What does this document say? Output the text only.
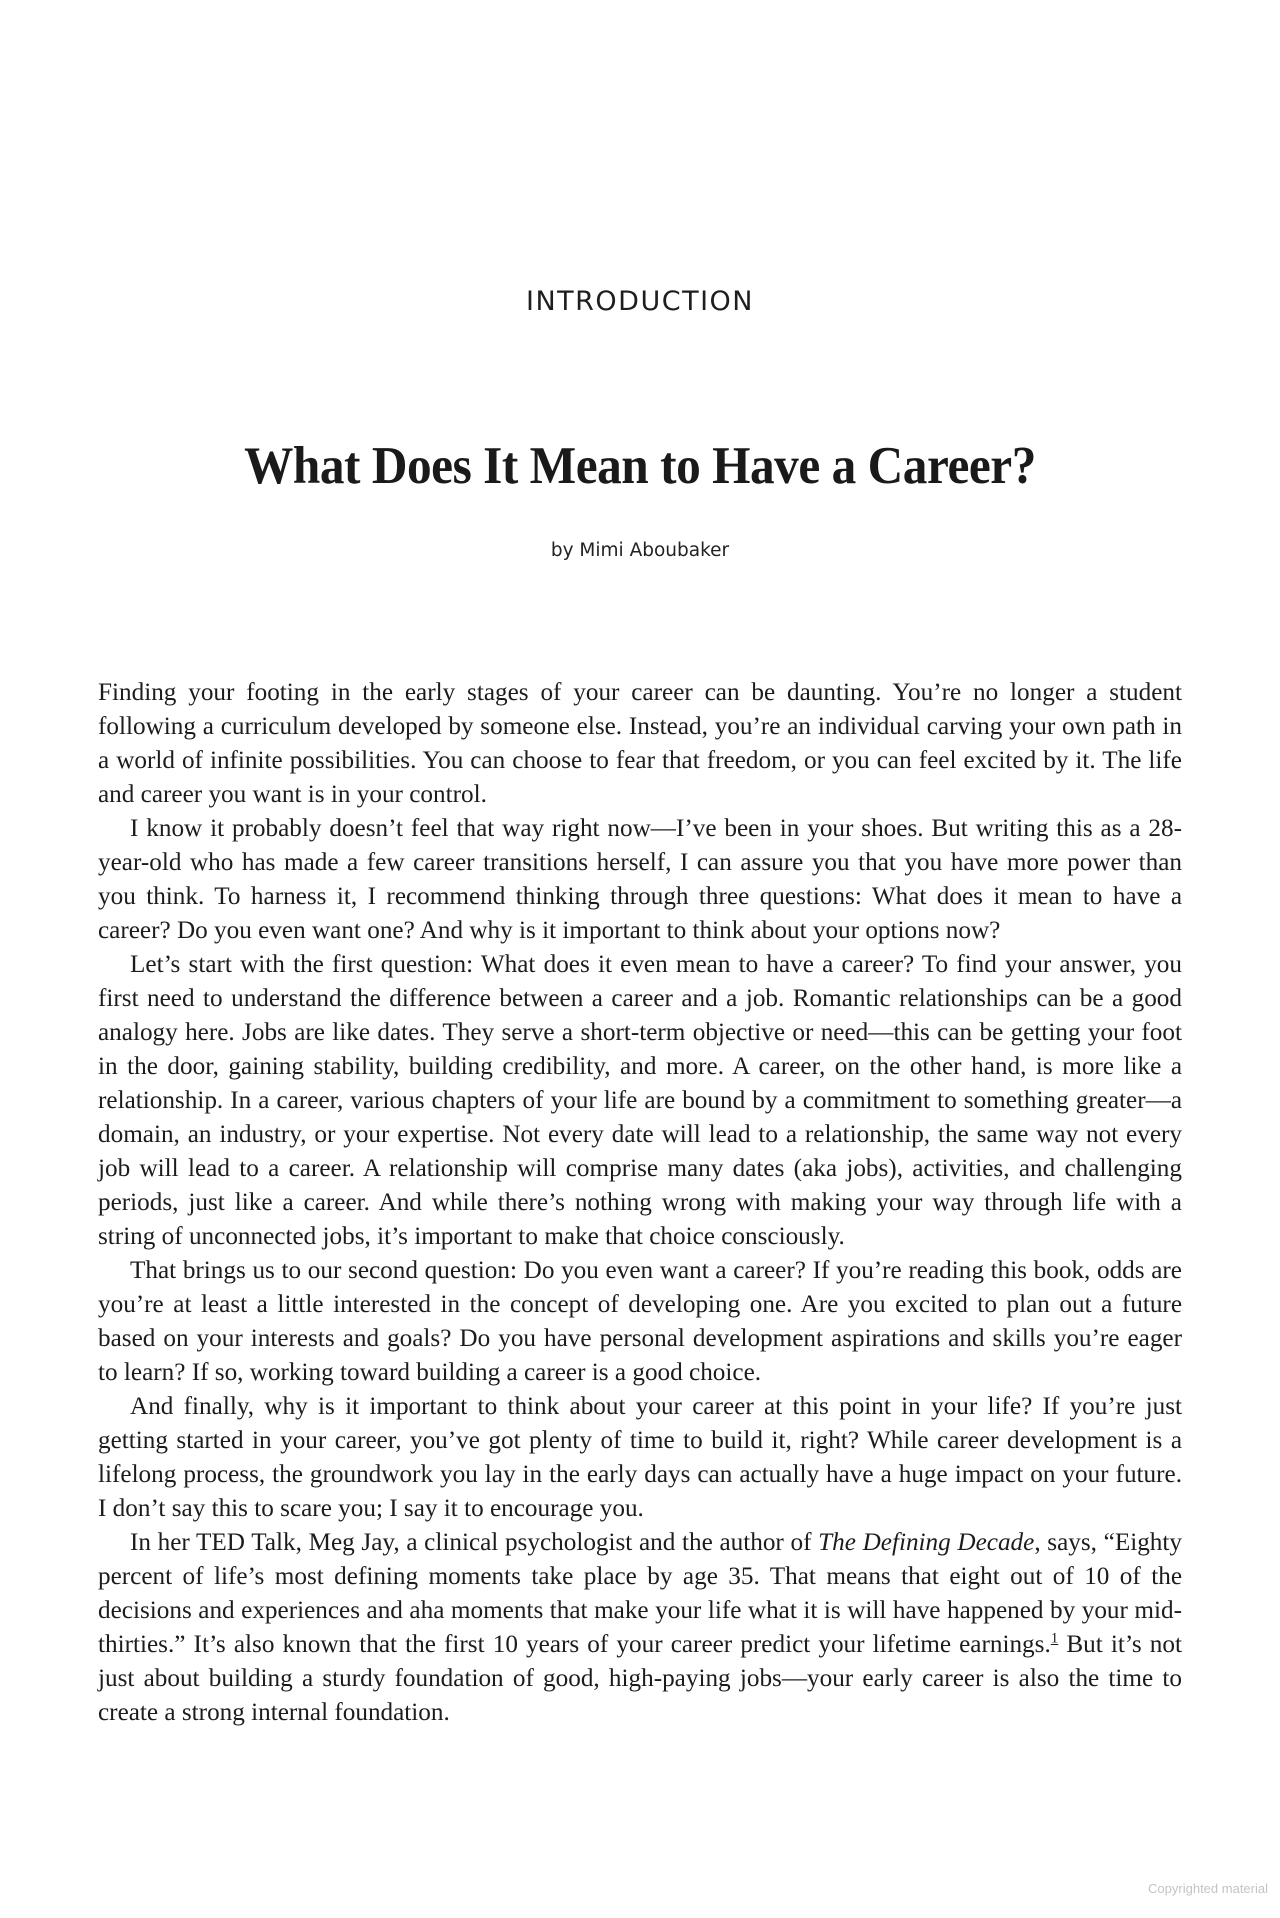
INTRODUCTION
What Does It Mean to Have a Career?
by Mimi Aboubaker

Finding your footing in the early stages of your career can be daunting. You’re no longer a student following a curriculum developed by someone else. Instead, you’re an individual carving your own path in a world of infinite possibilities. You can choose to fear that freedom, or you can feel excited by it. The life and career you want is in your control.

I know it probably doesn’t feel that way right now—I’ve been in your shoes. But writing this as a 28-year-old who has made a few career transitions herself, I can assure you that you have more power than you think. To harness it, I recommend thinking through three questions: What does it mean to have a career? Do you even want one? And why is it important to think about your options now?

Let’s start with the first question: What does it even mean to have a career? To find your answer, you first need to understand the difference between a career and a job. Romantic relationships can be a good analogy here. Jobs are like dates. They serve a short-term objective or need—this can be getting your foot in the door, gaining stability, building credibility, and more. A career, on the other hand, is more like a relationship. In a career, various chapters of your life are bound by a commitment to something greater—a domain, an industry, or your expertise. Not every date will lead to a relationship, the same way not every job will lead to a career. A relationship will comprise many dates (aka jobs), activities, and challenging periods, just like a career. And while there’s nothing wrong with making your way through life with a string of unconnected jobs, it’s important to make that choice consciously.

That brings us to our second question: Do you even want a career? If you’re reading this book, odds are you’re at least a little interested in the concept of developing one. Are you excited to plan out a future based on your interests and goals? Do you have personal development aspirations and skills you’re eager to learn? If so, working toward building a career is a good choice.

And finally, why is it important to think about your career at this point in your life? If you’re just getting started in your career, you’ve got plenty of time to build it, right? While career development is a lifelong process, the groundwork you lay in the early days can actually have a huge impact on your future. I don’t say this to scare you; I say it to encourage you.

In her TED Talk, Meg Jay, a clinical psychologist and the author of The Defining Decade, says, “Eighty percent of life’s most defining moments take place by age 35. That means that eight out of 10 of the decisions and experiences and aha moments that make your life what it is will have happened by your mid-thirties.” It’s also known that the first 10 years of your career predict your lifetime earnings.$^1$ But it’s not just about building a sturdy foundation of good, high-paying jobs—your early career is also the time to create a strong internal foundation.

Copyrighted material
